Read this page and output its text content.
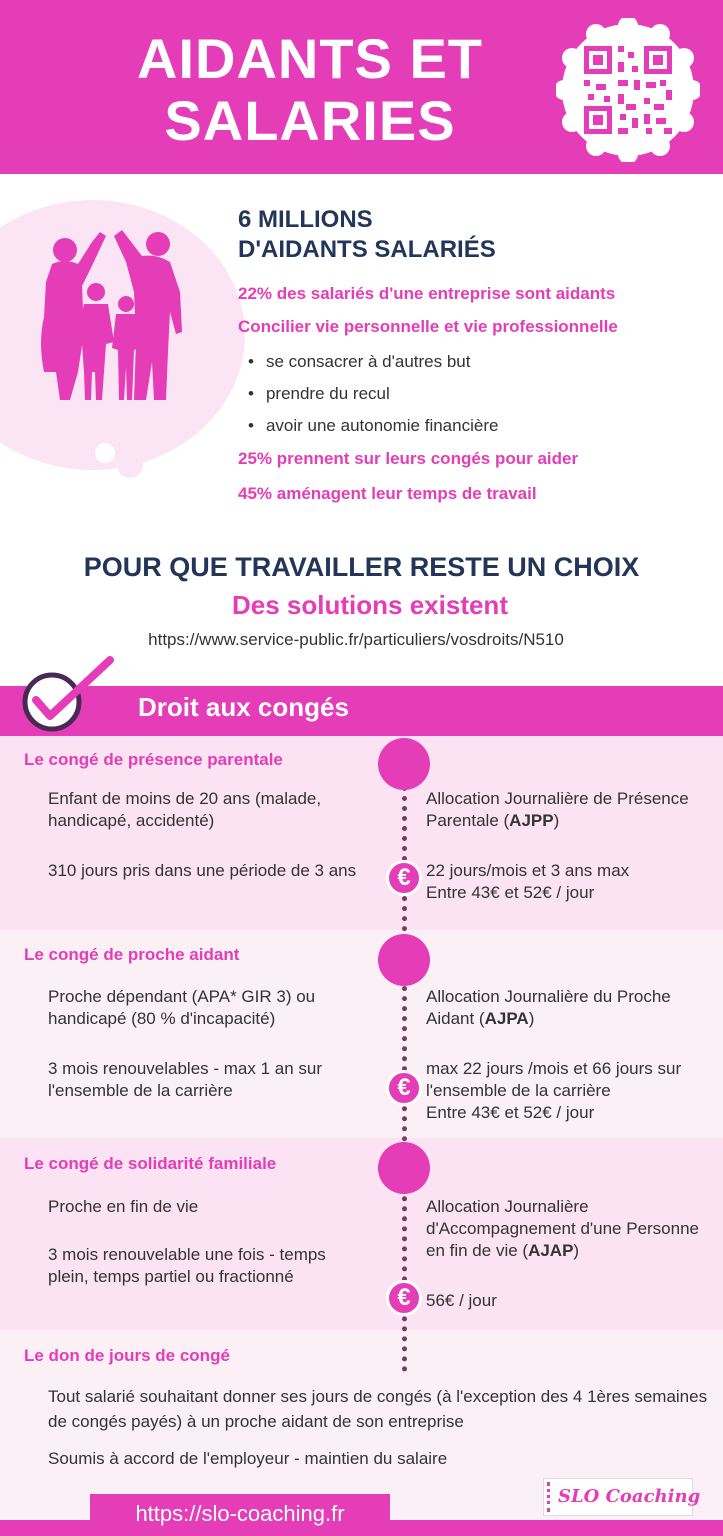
AIDANTS ET
SALARIES
6 MILLIONS
D'AIDANTS SALARIÉS
22% des salariés d'une entreprise sont aidants
Concilier vie personnelle et vie professionnelle
• se consacrer à d'autres but
• prendre du recul
• avoir une autonomie financière
25% prennent sur leurs congés pour aider
45% aménagent leur temps de travail
POUR QUE TRAVAILLER RESTE UN CHOIX
Des solutions existent
https://www.service-public.fr/particuliers/vosdroits/N510
Droit aux congés
€
€
€
Le congé de présence parentale
Enfant de moins de 20 ans (malade, handicapé, accidenté)
310 jours pris dans une période de 3 ans
Allocation Journalière de Présence Parentale (AJPP)
22 jours/mois et 3 ans max
Entre 43€ et 52€ / jour
Le congé de proche aidant
Proche dépendant (APA* GIR 3) ou handicapé (80 % d'incapacité)
3 mois renouvelables - max 1 an sur l'ensemble de la carrière
Allocation Journalière du Proche Aidant (AJPA)
max 22 jours /mois et 66 jours sur l'ensemble de la carrière
Entre 43€ et 52€ / jour
Le congé de solidarité familiale
Proche en fin de vie
3 mois renouvelable une fois - temps plein, temps partiel ou fractionné
Allocation Journalière d'Accompagnement d'une Personne en fin de vie (AJAP)
56€ / jour
Le don de jours de congé
Tout salarié souhaitant donner ses jours de congés (à l'exception des 4 1ères semaines de congés payés) à un proche aidant de son entreprise
Soumis à accord de l'employeur - maintien du salaire
https://slo-coaching.fr
SLO Coaching
